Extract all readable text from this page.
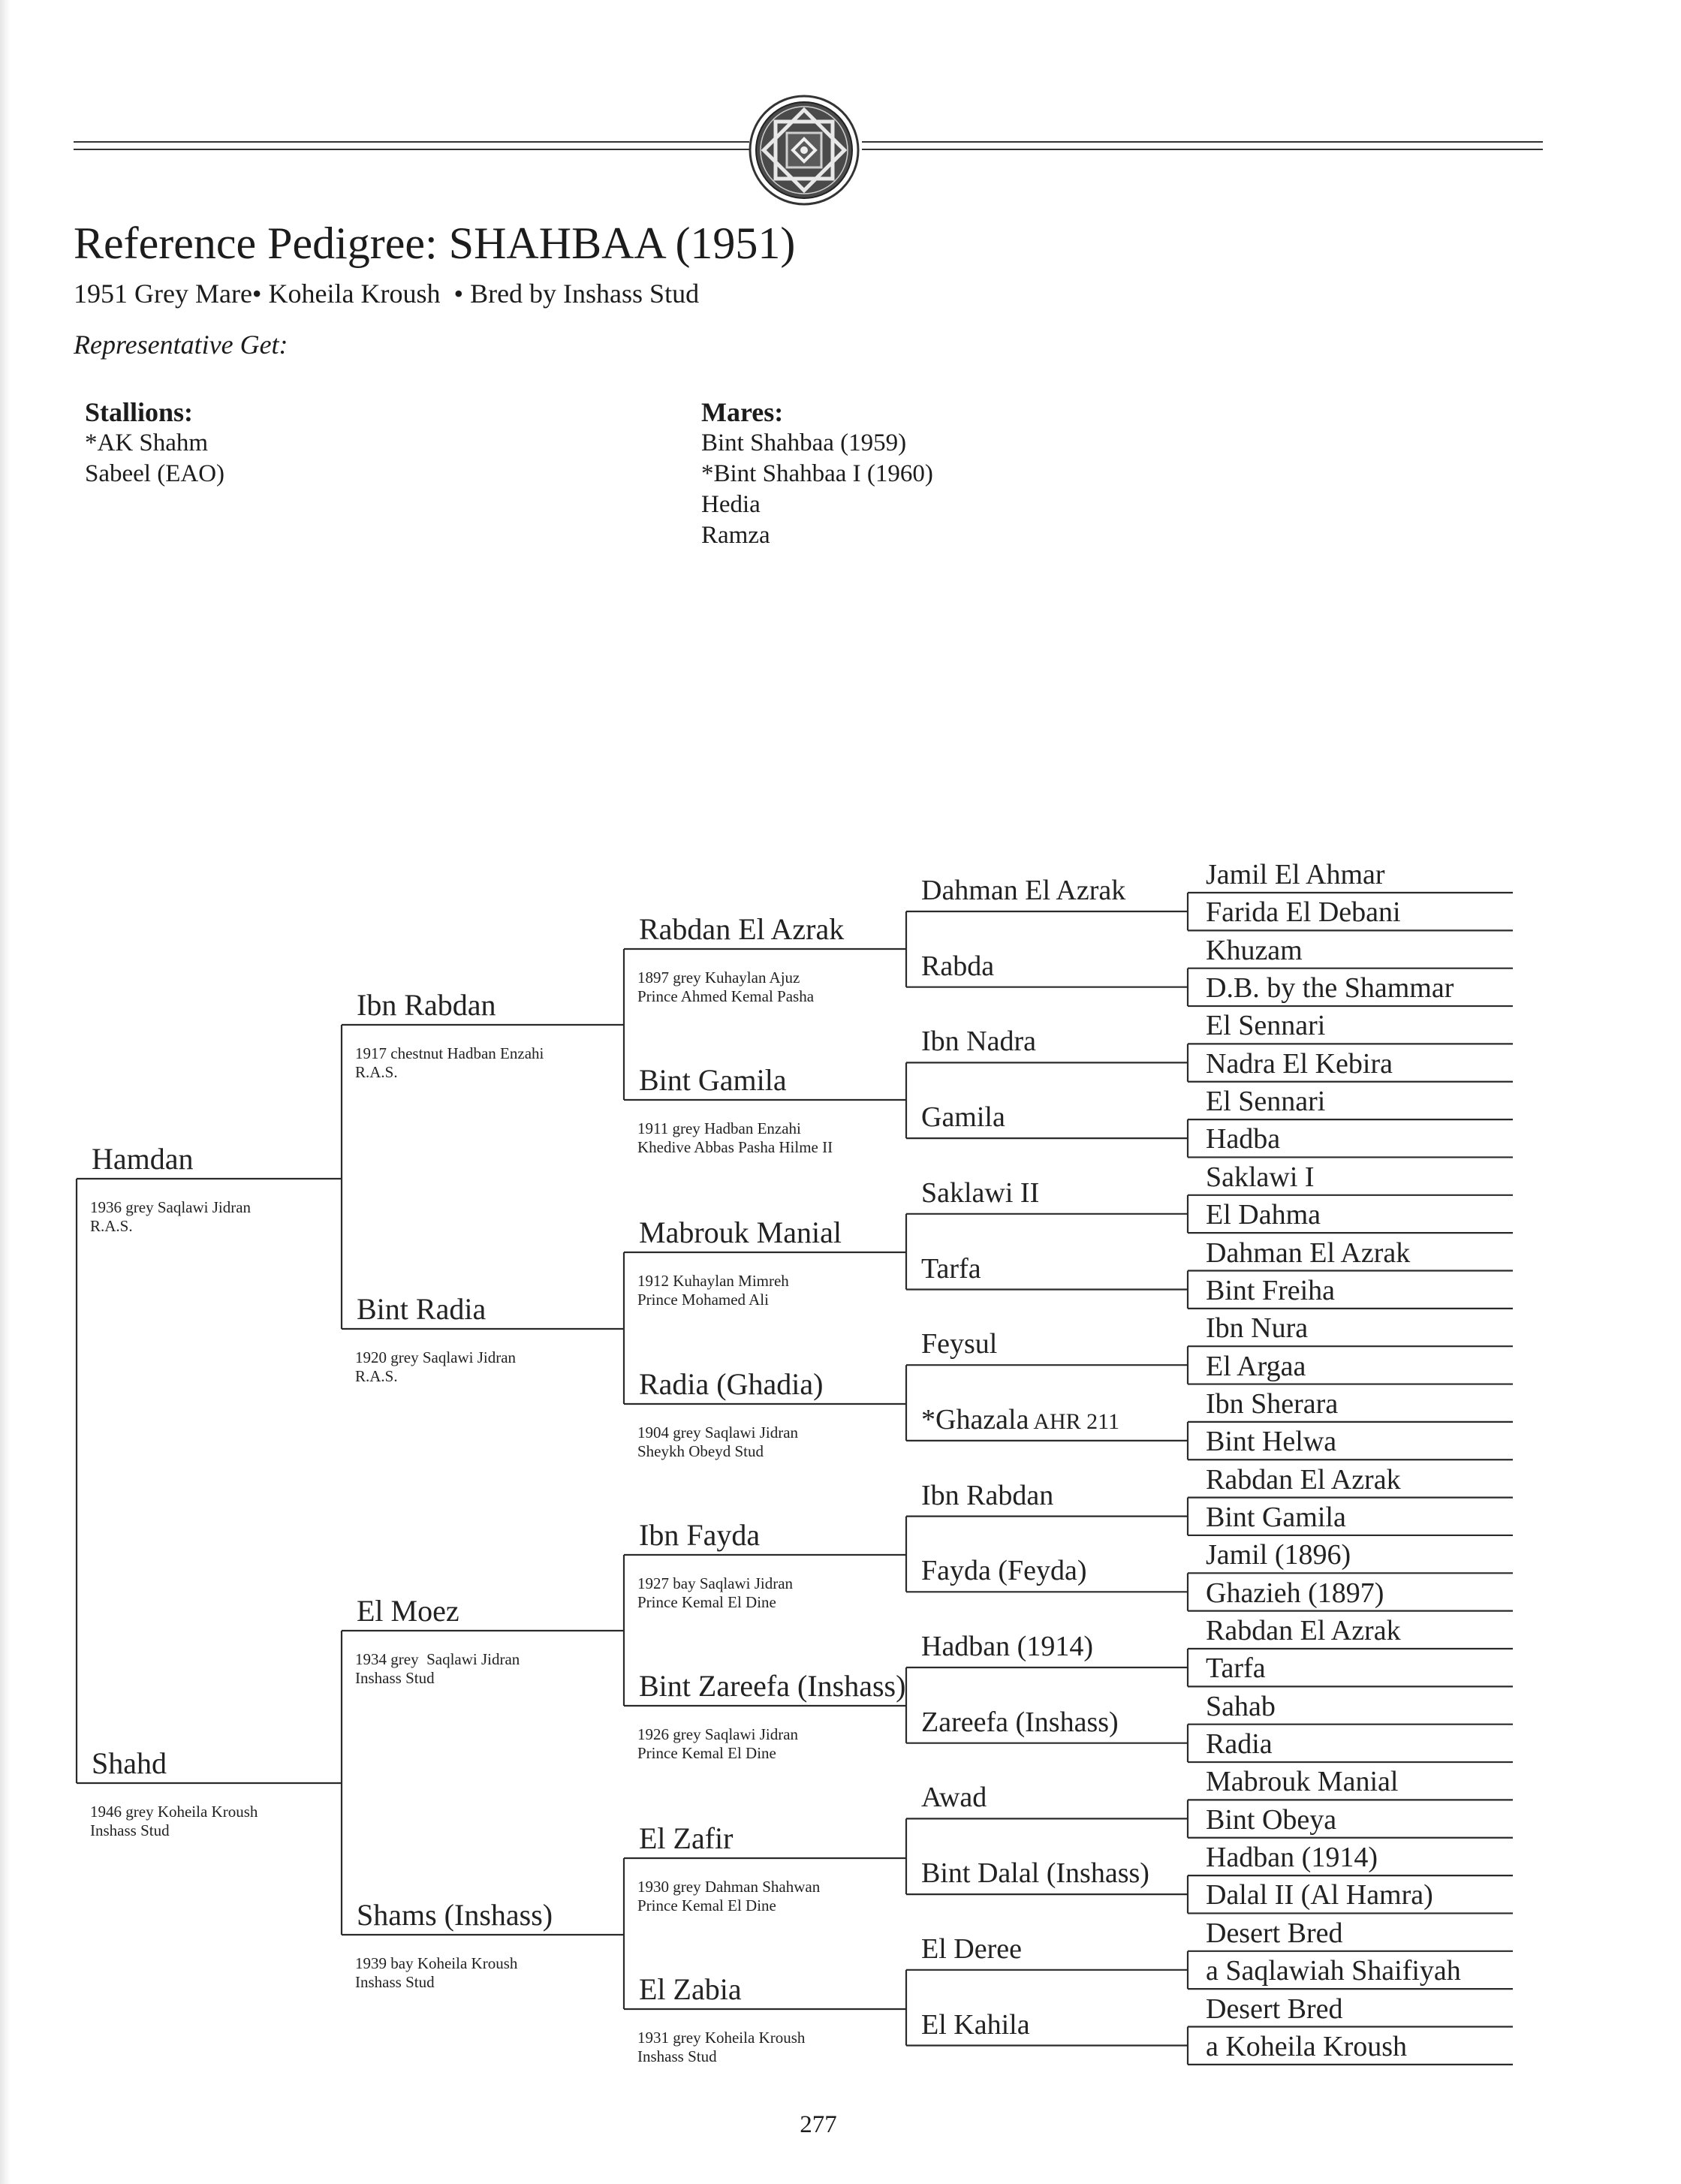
Reference Pedigree: SHAHBAA (1951)
1951 Grey Mare• Koheila Kroush  • Bred by Inshass Stud
Representative Get:
Stallions:
*AK Shahm
Sabeel (EAO)
Mares:
Bint Shahbaa (1959)
*Bint Shahbaa I (1960)
Hedia
Ramza
Hamdan
1936 grey Saqlawi Jidran
R.A.S.
Shahd
1946 grey Koheila Kroush
Inshass Stud
Ibn Rabdan
1917 chestnut Hadban Enzahi
R.A.S.
Bint Radia
1920 grey Saqlawi Jidran
R.A.S.
El Moez
1934 grey  Saqlawi Jidran
Inshass Stud
Shams (Inshass)
1939 bay Koheila Kroush
Inshass Stud
Rabdan El Azrak
1897 grey Kuhaylan Ajuz
Prince Ahmed Kemal Pasha
Bint Gamila
1911 grey Hadban Enzahi
Khedive Abbas Pasha Hilme II
Mabrouk Manial
1912 Kuhaylan Mimreh
Prince Mohamed Ali
Radia (Ghadia)
1904 grey Saqlawi Jidran
Sheykh Obeyd Stud
Ibn Fayda
1927 bay Saqlawi Jidran
Prince Kemal El Dine
Bint Zareefa (Inshass)
1926 grey Saqlawi Jidran
Prince Kemal El Dine
El Zafir
1930 grey Dahman Shahwan
Prince Kemal El Dine
El Zabia
1931 grey Koheila Kroush
Inshass Stud
Dahman El Azrak
Rabda
Ibn Nadra
Gamila
Saklawi II
Tarfa
Feysul
*Ghazala AHR 211
Ibn Rabdan
Fayda (Feyda)
Hadban (1914)
Zareefa (Inshass)
Awad
Bint Dalal (Inshass)
El Deree
El Kahila
Jamil El Ahmar
Farida El Debani
Khuzam
D.B. by the Shammar
El Sennari
Nadra El Kebira
El Sennari
Hadba
Saklawi I
El Dahma
Dahman El Azrak
Bint Freiha
Ibn Nura
El Argaa
Ibn Sherara
Bint Helwa
Rabdan El Azrak
Bint Gamila
Jamil (1896)
Ghazieh (1897)
Rabdan El Azrak
Tarfa
Sahab
Radia
Mabrouk Manial
Bint Obeya
Hadban (1914)
Dalal II (Al Hamra)
Desert Bred
a Saqlawiah Shaifiyah
Desert Bred
a Koheila Kroush
277
